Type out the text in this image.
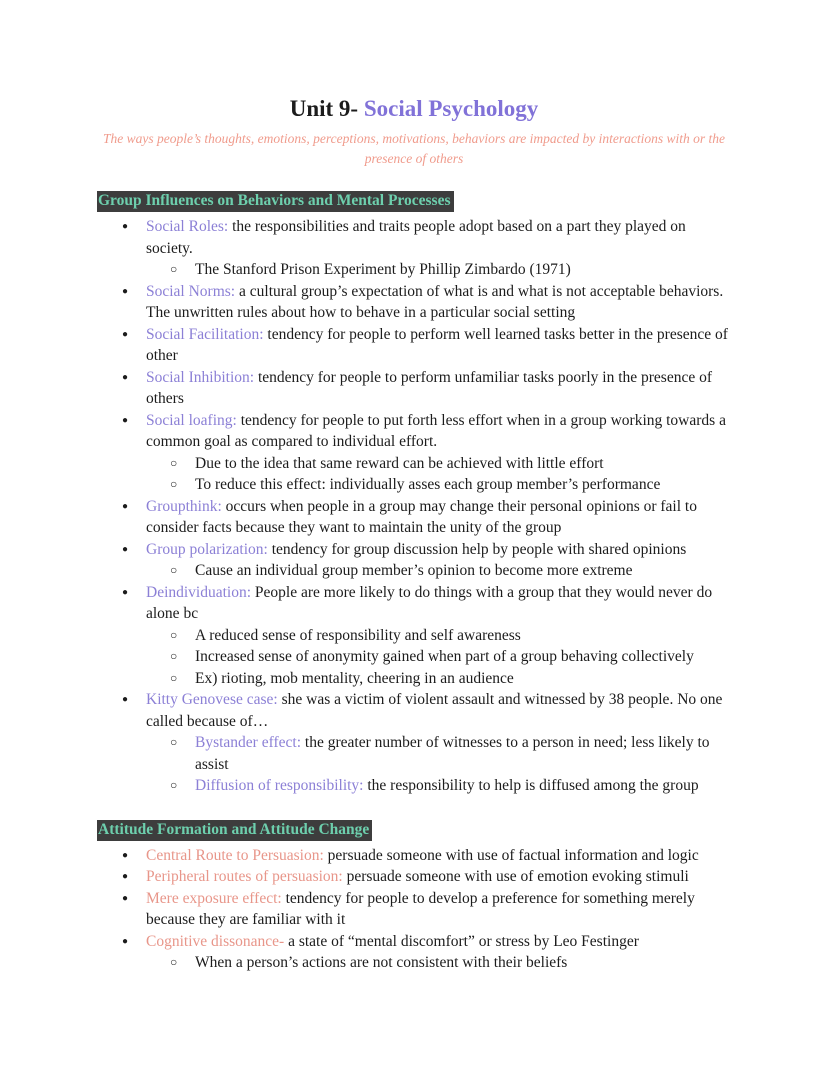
Unit 9- Social Psychology
The ways people’s thoughts, emotions, perceptions, motivations, behaviors are impacted by interactions with or the presence of others
Group Influences on Behaviors and Mental Processes
●	Social Roles: the responsibilities and traits people adopt based on a part they played on society.
○	The Stanford Prison Experiment by Phillip Zimbardo (1971)
●	Social Norms: a cultural group’s expectation of what is and what is not acceptable behaviors. The unwritten rules about how to behave in a particular social setting
●	Social Facilitation: tendency for people to perform well learned tasks better in the presence of other
●	Social Inhibition: tendency for people to perform unfamiliar tasks poorly in the presence of others
●	Social loafing: tendency for people to put forth less effort when in a group working towards a common goal as compared to individual effort.
○	Due to the idea that same reward can be achieved with little effort
○	To reduce this effect: individually asses each group member’s performance
●	Groupthink: occurs when people in a group may change their personal opinions or fail to consider facts because they want to maintain the unity of the group
●	Group polarization: tendency for group discussion help by people with shared opinions
○	Cause an individual group member’s opinion to become more extreme
●	Deindividuation: People are more likely to do things with a group that they would never do alone bc
○	A reduced sense of responsibility and self awareness
○	Increased sense of anonymity gained when part of a group behaving collectively
○	Ex) rioting, mob mentality, cheering in an audience
●	Kitty Genovese case: she was a victim of violent assault and witnessed by 38 people. No one called because of…
○	Bystander effect: the greater number of witnesses to a person in need; less likely to assist
○	Diffusion of responsibility: the responsibility to help is diffused among the group
Attitude Formation and Attitude Change
●	Central Route to Persuasion: persuade someone with use of factual information and logic
●	Peripheral routes of persuasion: persuade someone with use of emotion evoking stimuli
●	Mere exposure effect: tendency for people to develop a preference for something merely because they are familiar with it
●	Cognitive dissonance- a state of “mental discomfort” or stress by Leo Festinger
○	When a person’s actions are not consistent with their beliefs
